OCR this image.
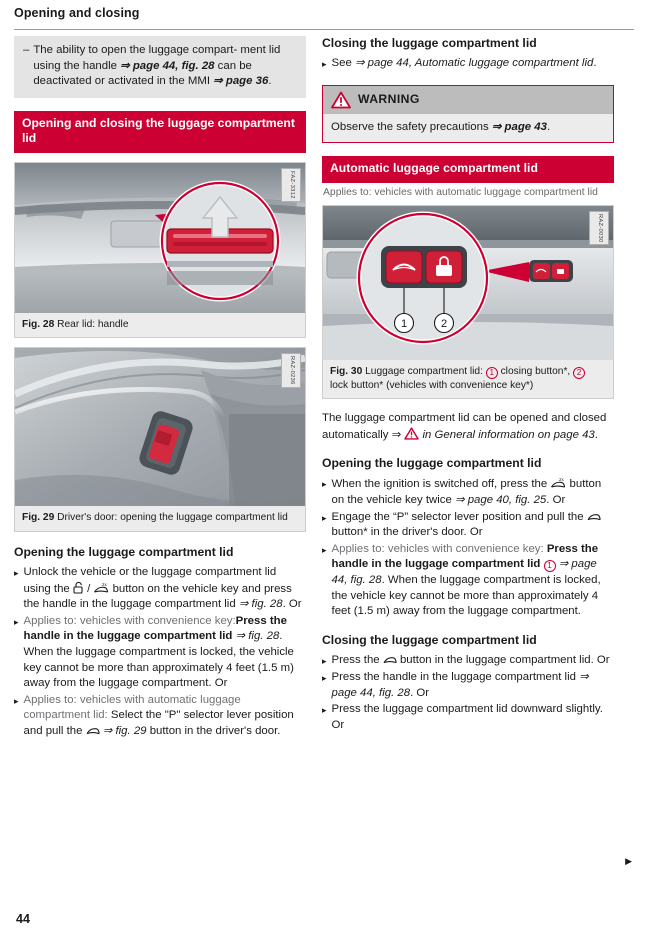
Opening and closing
– The ability to open the luggage compart- ment lid using the handle ⇒ page 44, fig. 28 can be deactivated or activated in the MMI ⇒ page 36.
Opening and closing the luggage compartment lid
FAZ-3312
Fig. 28 Rear lid: handle
RAZ-0236
Fig. 29 Driver's door: opening the luggage compartment lid
Opening the luggage compartment lid
▸ Unlock the vehicle or the luggage compartment lid using the  / 2x button on the vehicle key and press the handle in the luggage compartment lid ⇒ fig. 28. Or
▸ Applies to: vehicles with convenience key:Press the handle in the luggage compartment lid ⇒ fig. 28. When the luggage compartment is locked, the vehicle key cannot be more than approximately 4 feet (1.5 m) away from the luggage compartment. Or
▸ Applies to: vehicles with automatic luggage compartment lid: Select the "P" selector lever position and pull the  ⇒ fig. 29 button in the driver's door.
Closing the luggage compartment lid
▸ See ⇒ page 44, Automatic luggage compartment lid.
WARNING
Observe the safety precautions ⇒ page 43.
Automatic luggage compartment lid
Applies to: vehicles with automatic luggage compartment lid
1	2
RAZ-0030
Fig. 30 Luggage compartment lid: 1 closing button*, 2 lock button* (vehicles with convenience key*)

The luggage compartment lid can be opened and closed automatically ⇒  in General information on page 43.

Opening the luggage compartment lid
▸ When the ignition is switched off, press the 2x button on the vehicle key twice ⇒ page 40, fig. 25. Or
▸ Engage the “P” selector lever position and pull the  button* in the driver's door. Or
▸ Applies to: vehicles with convenience key: Press the handle in the luggage compartment lid 1 ⇒ page 44, fig. 28. When the luggage compartment is locked, the vehicle key cannot be more than approximately 4 feet (1.5 m) away from the luggage compartment.
Closing the luggage compartment lid
▸ Press the  button in the luggage compartment lid. Or
▸ Press the handle in the luggage compartment lid ⇒ page 44, fig. 28. Or
▸ Press the luggage compartment lid downward slightly. Or
▶
44
